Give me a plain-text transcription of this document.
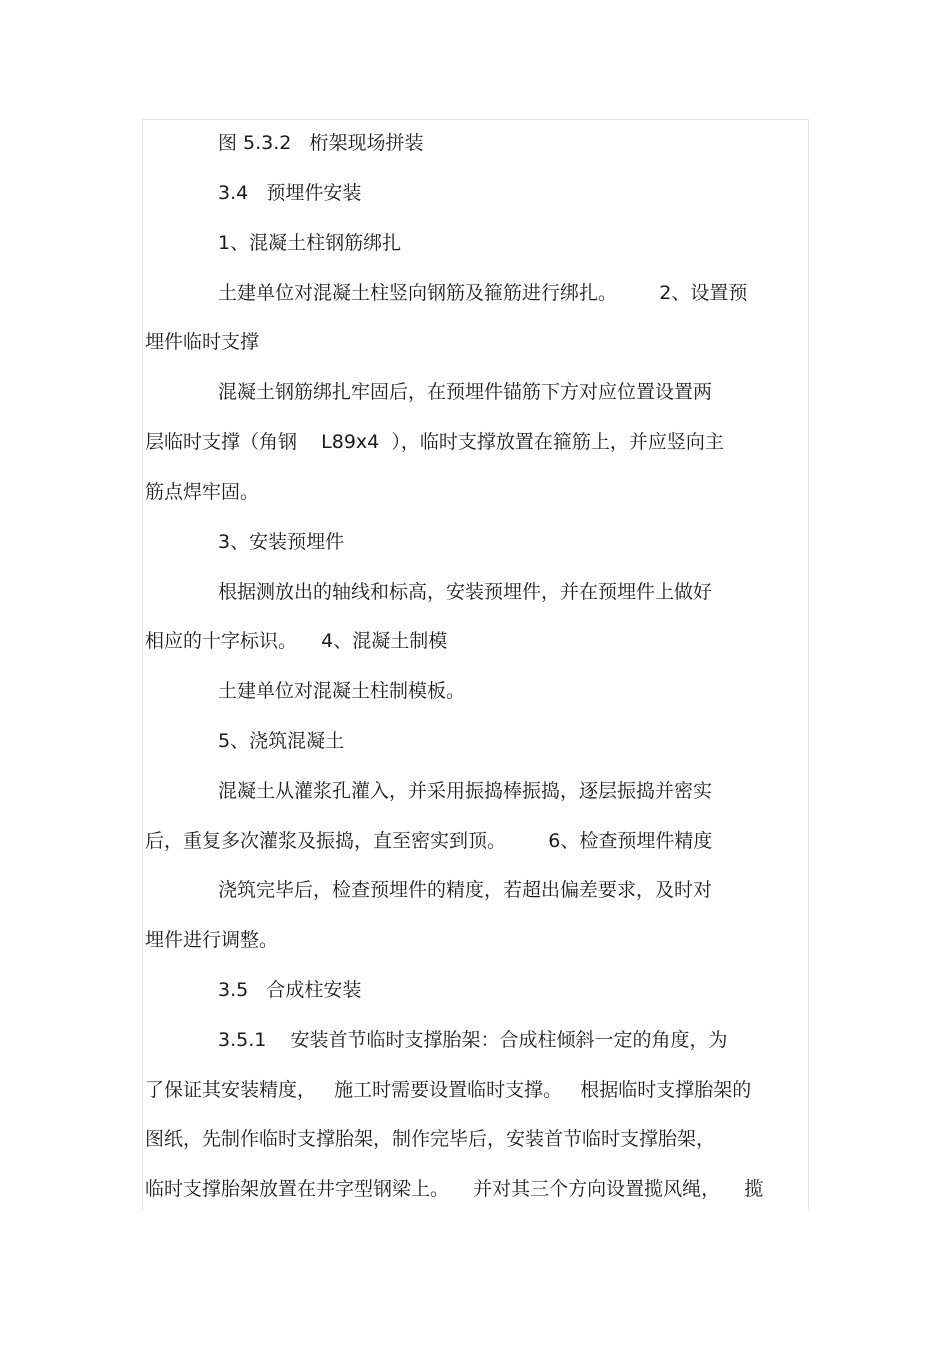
图 5.3.2   桁架现场拼装
3.4   预埋件安装
1、混凝土柱钢筋绑扎
土建单位对混凝土柱竖向钢筋及箍筋进行绑扎。       2、设置预
埋件临时支撑
混凝土钢筋绑扎牢固后，在预埋件锚筋下方对应位置设置两
层临时支撑（角钢    L89x4  ），临时支撑放置在箍筋上，并应竖向主
筋点焊牢固。
3、安装预埋件
根据测放出的轴线和标高，安装预埋件，并在预埋件上做好
相应的十字标识。    4、混凝土制模
土建单位对混凝土柱制模板。
5、浇筑混凝土
混凝土从灌浆孔灌入，并采用振捣棒振捣，逐层振捣并密实
后，重复多次灌浆及振捣，直至密实到顶。       6、检查预埋件精度
浇筑完毕后，检查预埋件的精度，若超出偏差要求，及时对
埋件进行调整。
3.5   合成柱安装
3.5.1    安装首节临时支撑胎架：合成柱倾斜一定的角度，为
了保证其安装精度，   施工时需要设置临时支撑。   根据临时支撑胎架的
图纸，先制作临时支撑胎架，制作完毕后，安装首节临时支撑胎架，
临时支撑胎架放置在井字型钢梁上。    并对其三个方向设置揽风绳，    揽
